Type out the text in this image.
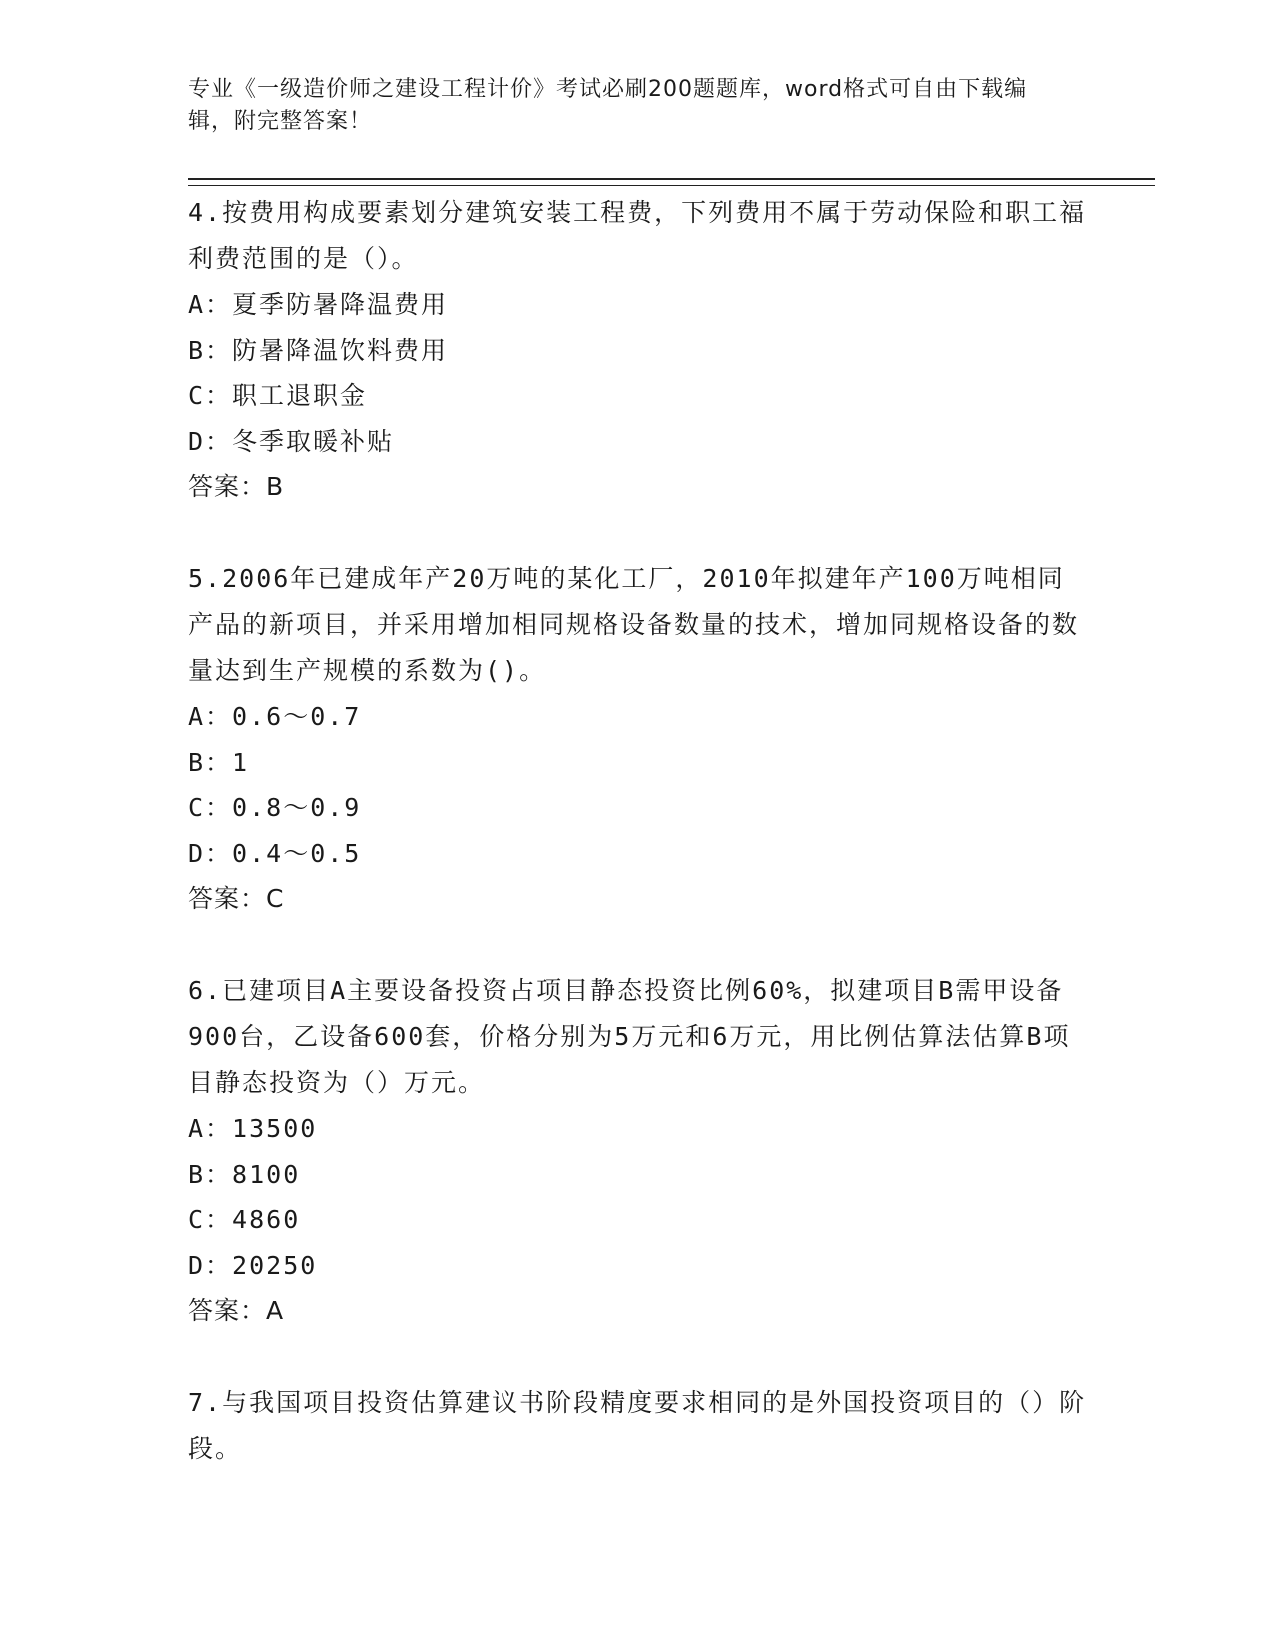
专业《一级造价师之建设工程计价》考试必刷200题题库，word格式可自由下载编辑，附完整答案！
4.按费用构成要素划分建筑安装工程费，下列费用不属于劳动保险和职工福利费范围的是（）。
A：夏季防暑降温费用
B：防暑降温饮料费用
C：职工退职金
D：冬季取暖补贴
答案：B
5.2006年已建成年产20万吨的某化工厂，2010年拟建年产100万吨相同产品的新项目，并采用增加相同规格设备数量的技术，增加同规格设备的数量达到生产规模的系数为()。
A：0.6～0.7
B：1
C：0.8～0.9
D：0.4～0.5
答案：C
6.已建项目A主要设备投资占项目静态投资比例60%，拟建项目B需甲设备900台，乙设备600套，价格分别为5万元和6万元，用比例估算法估算B项目静态投资为（）万元。
A：13500
B：8100
C：4860
D：20250
答案：A
7.与我国项目投资估算建议书阶段精度要求相同的是外国投资项目的（）阶段。
